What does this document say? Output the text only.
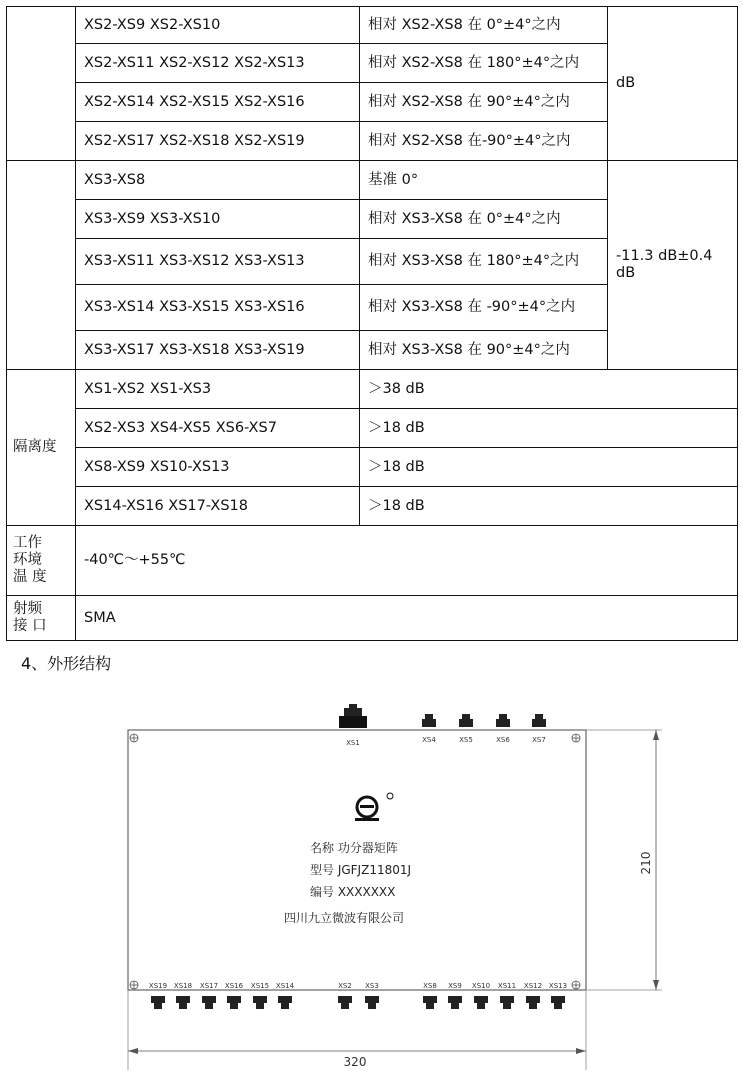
	XS2-XS9 XS2-XS10	相对 XS2-XS8 在 0°±4°之内	dB
	XS2-XS11 XS2-XS12 XS2-XS13	相对 XS2-XS8 在 180°±4°之内	
	XS2-XS14 XS2-XS15 XS2-XS16	相对 XS2-XS8 在 90°±4°之内	
	XS2-XS17 XS2-XS18 XS2-XS19	相对 XS2-XS8 在-90°±4°之内	
	XS3-XS8	基准 0°	-11.3 dB±0.4 dB
	XS3-XS9 XS3-XS10	相对 XS3-XS8 在 0°±4°之内	
	XS3-XS11 XS3-XS12 XS3-XS13	相对 XS3-XS8 在 180°±4°之内	
	XS3-XS14 XS3-XS15 XS3-XS16	相对 XS3-XS8 在 -90°±4°之内	
	XS3-XS17 XS3-XS18 XS3-XS19	相对 XS3-XS8 在 90°±4°之内	
隔离度	XS1-XS2 XS1-XS3	＞38 dB	
	XS2-XS3 XS4-XS5 XS6-XS7	＞18 dB	
	XS8-XS9 XS10-XS13	＞18 dB	
	XS14-XS16 XS17-XS18	＞18 dB	

工作
环境
温 度	-40℃～+55℃		

射频
接 口	SMA		
4、外形结构
210
320
XS1	XS4	XS5	XS6	XS7
XS19 XS18 XS17 XS16 XS15 XS14	XS2 XS3	XS8 XS9 XS10 XS11 XS12 XS13
名称 功分器矩阵
型号 JGFJZ11801J
编号 XXXXXXX
四川九立微波有限公司
